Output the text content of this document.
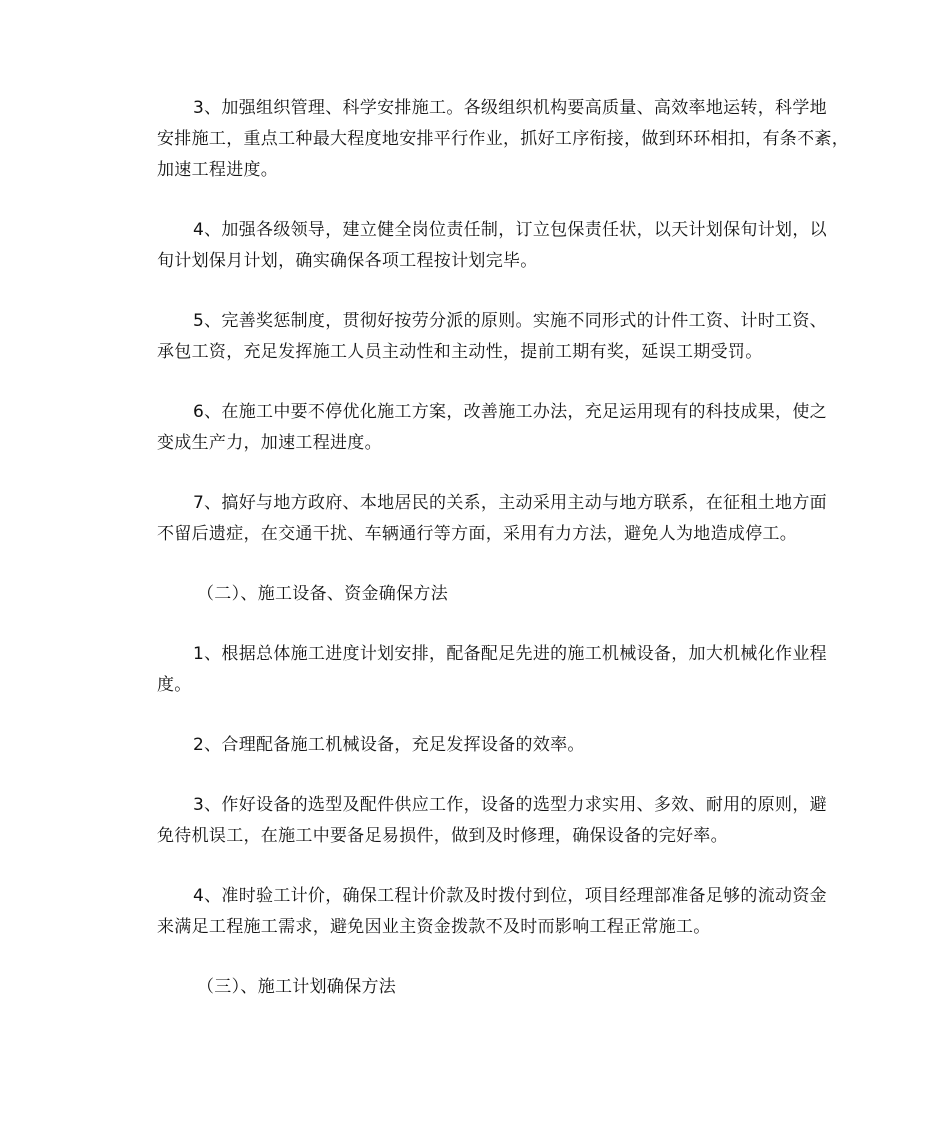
3、加强组织管理、科学安排施工。各级组织机构要高质量、高效率地运转，科学地
安排施工，重点工种最大程度地安排平行作业，抓好工序衔接，做到环环相扣，有条不紊，
加速工程进度。

4、加强各级领导，建立健全岗位责任制，订立包保责任状，以天计划保旬计划，以
旬计划保月计划，确实确保各项工程按计划完毕。

5、完善奖惩制度，贯彻好按劳分派的原则。实施不同形式的计件工资、计时工资、
承包工资，充足发挥施工人员主动性和主动性，提前工期有奖，延误工期受罚。

6、在施工中要不停优化施工方案，改善施工办法，充足运用现有的科技成果，使之
变成生产力，加速工程进度。

7、搞好与地方政府、本地居民的关系，主动采用主动与地方联系，在征租土地方面
不留后遗症，在交通干扰、车辆通行等方面，采用有力方法，避免人为地造成停工。

（二）、施工设备、资金确保方法

1、根据总体施工进度计划安排，配备配足先进的施工机械设备，加大机械化作业程
度。

2、合理配备施工机械设备，充足发挥设备的效率。

3、作好设备的选型及配件供应工作，设备的选型力求实用、多效、耐用的原则，避
免待机误工，在施工中要备足易损件，做到及时修理，确保设备的完好率。

4、准时验工计价，确保工程计价款及时拨付到位，项目经理部准备足够的流动资金
来满足工程施工需求，避免因业主资金拨款不及时而影响工程正常施工。

（三）、施工计划确保方法
